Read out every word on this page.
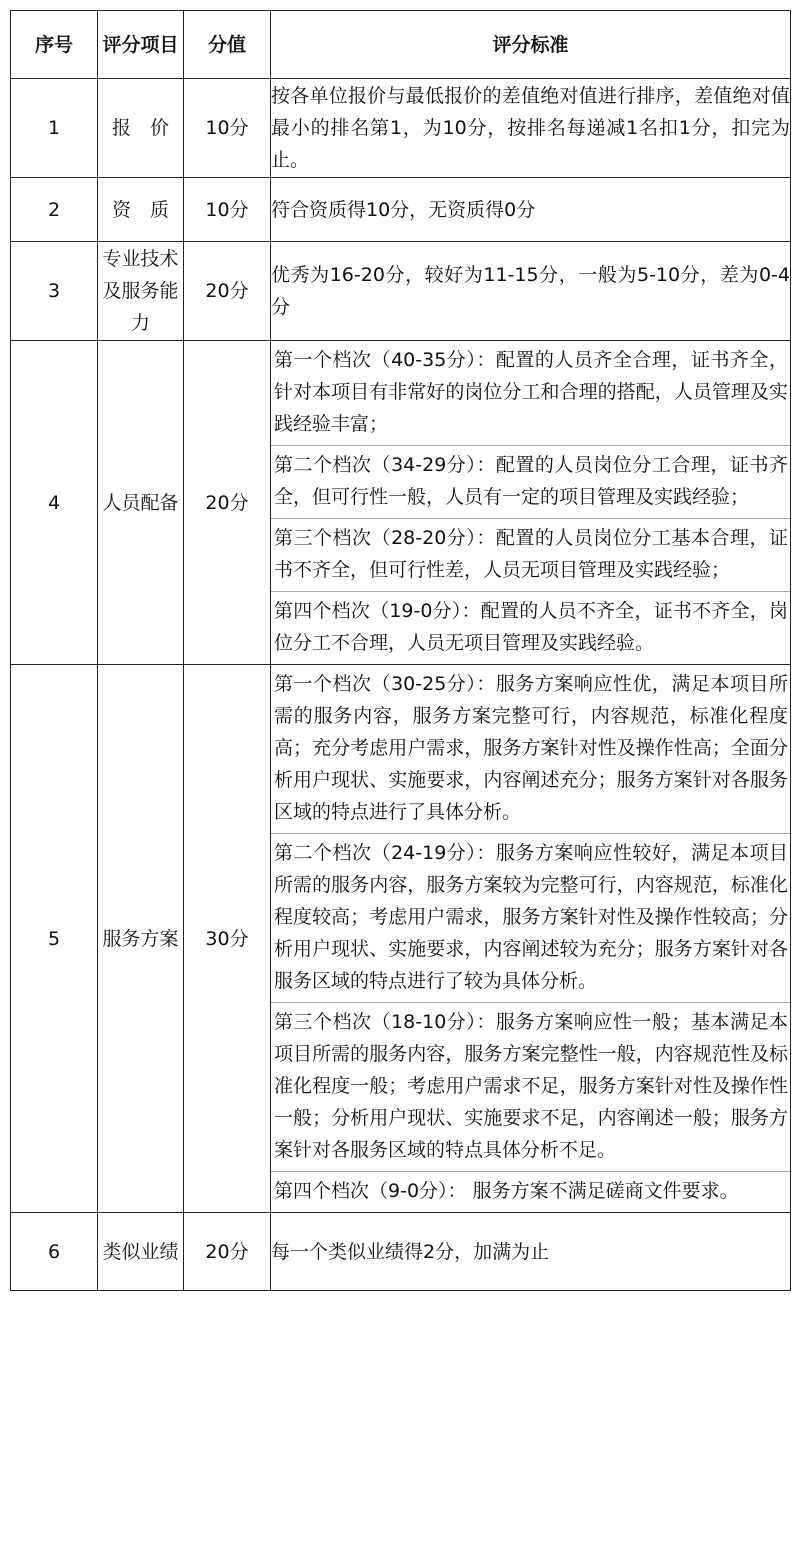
序号	评分项目	分值	评分标准
1	报　价	10分	按各单位报价与最低报价的差值绝对值进行排序，差值绝对值最小的排名第1，为10分，按排名每递减1名扣1分，扣完为止。
2	资　质	10分	符合资质得10分，无资质得0分
3	专业技术及服务能力	20分	优秀为16-20分，较好为11-15分，一般为5-10分，差为0-4分
4	人员配备	20分	第一个档次（40-35分）：配置的人员齐全合理，证书齐全，针对本项目有非常好的岗位分工和合理的搭配，人员管理及实践经验丰富；
第二个档次（34-29分）：配置的人员岗位分工合理，证书齐全，但可行性一般，人员有一定的项目管理及实践经验；
第三个档次（28-20分）：配置的人员岗位分工基本合理，证书不齐全，但可行性差，人员无项目管理及实践经验；
第四个档次（19-0分）：配置的人员不齐全，证书不齐全，岗位分工不合理，人员无项目管理及实践经验。

5	服务方案	30分	第一个档次（30-25分）：服务方案响应性优，满足本项目所需的服务内容，服务方案完整可行，内容规范，标准化程度高；充分考虑用户需求，服务方案针对性及操作性高；全面分析用户现状、实施要求，内容阐述充分；服务方案针对各服务区域的特点进行了具体分析。
第二个档次（24-19分）：服务方案响应性较好，满足本项目所需的服务内容，服务方案较为完整可行，内容规范，标准化程度较高；考虑用户需求，服务方案针对性及操作性较高；分析用户现状、实施要求，内容阐述较为充分；服务方案针对各服务区域的特点进行了较为具体分析。
第三个档次（18-10分）：服务方案响应性一般；基本满足本项目所需的服务内容，服务方案完整性一般，内容规范性及标准化程度一般；考虑用户需求不足，服务方案针对性及操作性一般；分析用户现状、实施要求不足，内容阐述一般；服务方案针对各服务区域的特点具体分析不足。
第四个档次（9-0分）： 服务方案不满足磋商文件要求。

6	类似业绩	20分	每一个类似业绩得2分，加满为止
